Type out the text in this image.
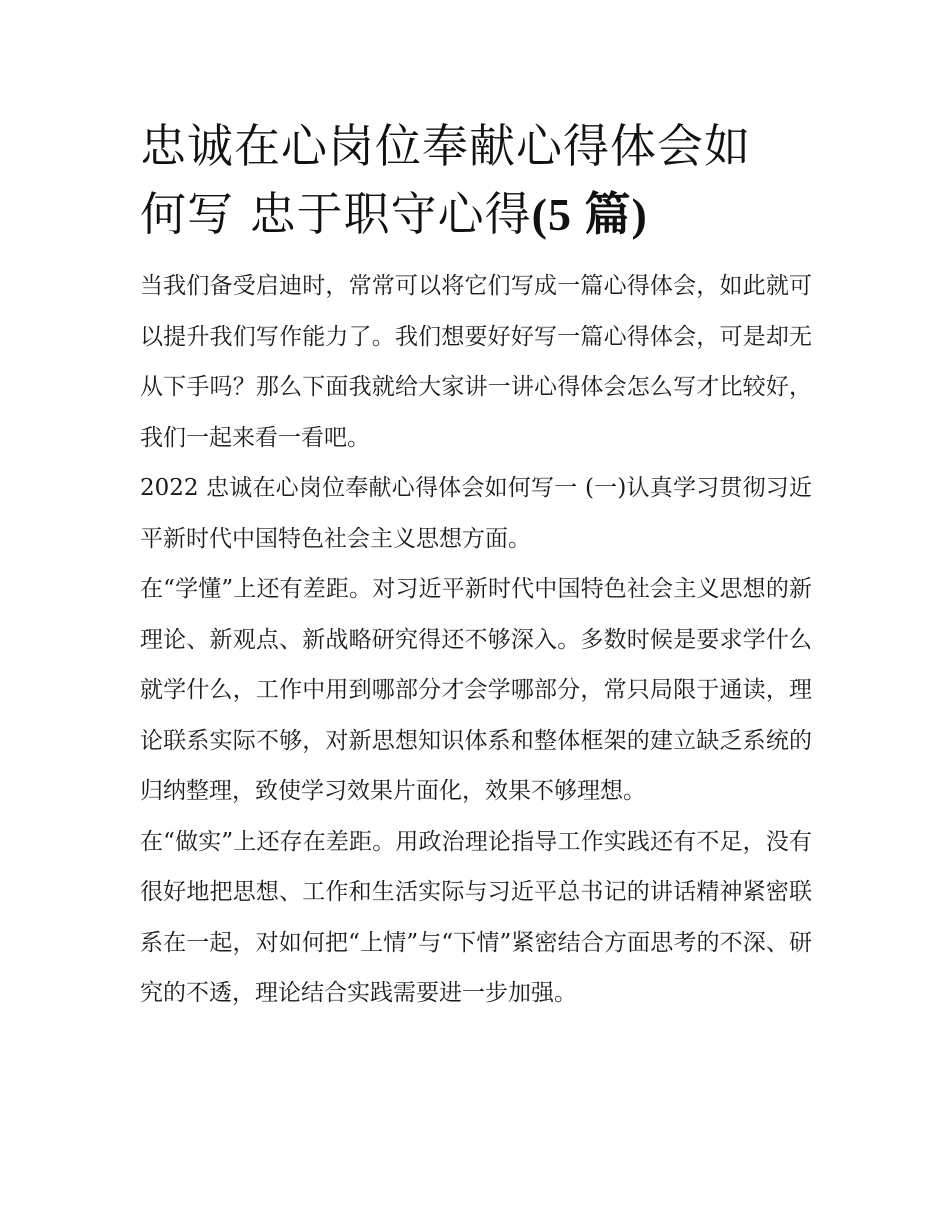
忠诚在心岗位奉献心得体会如
何写 忠于职守心得(5 篇)

当我们备受启迪时，常常可以将它们写成一篇心得体会，如此就可以提升我们写作能力了。我们想要好好写一篇心得体会，可是却无从下手吗？那么下面我就给大家讲一讲心得体会怎么写才比较好，我们一起来看一看吧。

2022 忠诚在心岗位奉献心得体会如何写一 (一)认真学习贯彻习近平新时代中国特色社会主义思想方面。

在“学懂”上还有差距。对习近平新时代中国特色社会主义思想的新理论、新观点、新战略研究得还不够深入。多数时候是要求学什么就学什么，工作中用到哪部分才会学哪部分，常只局限于通读，理论联系实际不够，对新思想知识体系和整体框架的建立缺乏系统的归纳整理，致使学习效果片面化，效果不够理想。

在“做实”上还存在差距。用政治理论指导工作实践还有不足，没有很好地把思想、工作和生活实际与习近平总书记的讲话精神紧密联系在一起，对如何把“上情”与“下情”紧密结合方面思考的不深、研究的不透，理论结合实践需要进一步加强。
